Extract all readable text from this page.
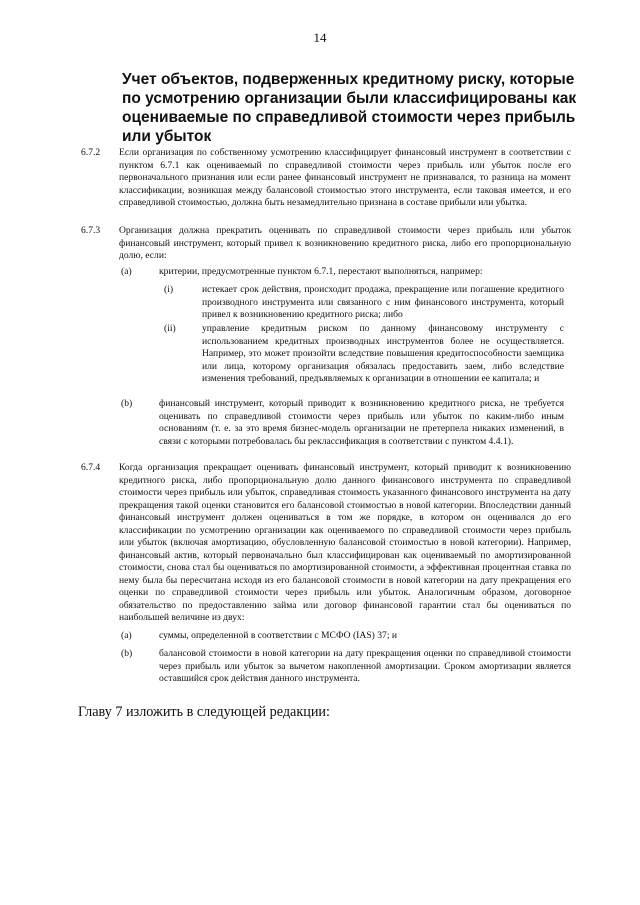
14
Учет объектов, подверженных кредитному риску, которые по усмотрению организации были классифицированы как оцениваемые по справедливой стоимости через прибыль или убыток
6.7.2 Если организация по собственному усмотрению классифицирует финансовый инструмент в соответствии с пунктом 6.7.1 как оцениваемый по справедливой стоимости через прибыль или убыток после его первоначального признания или если ранее финансовый инструмент не признавался, то разница на момент классификации, возникшая между балансовой стоимостью этого инструмента, если таковая имеется, и его справедливой стоимостью, должна быть незамедлительно признана в составе прибыли или убытка.
6.7.3 Организация должна прекратить оценивать по справедливой стоимости через прибыль или убыток финансовый инструмент, который привел к возникновению кредитного риска, либо его пропорциональную долю, если:
(a)	критерии, предусмотренные пунктом 6.7.1, перестают выполняться, например:
(i)	истекает срок действия, происходит продажа, прекращение или погашение кредитного производного инструмента или связанного с ним финансового инструмента, который привел к возникновению кредитного риска; либо
(ii)	управление кредитным риском по данному финансовому инструменту с использованием кредитных производных инструментов более не осуществляется. Например, это может произойти вследствие повышения кредитоспособности заемщика или лица, которому организация обязалась предоставить заем, либо вследствие изменения требований, предъявляемых к организации в отношении ее капитала; и
(b)	финансовый инструмент, который приводит к возникновению кредитного риска, не требуется оценивать по справедливой стоимости через прибыль или убыток по каким-либо иным основаниям (т. е. за это время бизнес-модель организации не претерпела никаких изменений, в связи с которыми потребовалась бы реклассификация в соответствии с пунктом 4.4.1).
6.7.4 Когда организация прекращает оценивать финансовый инструмент, который приводит к возникновению кредитного риска, либо пропорциональную долю данного финансового инструмента по справедливой стоимости через прибыль или убыток, справедливая стоимость указанного финансового инструмента на дату прекращения такой оценки становится его балансовой стоимостью в новой категории. Впоследствии данный финансовый инструмент должен оцениваться в том же порядке, в котором он оценивался до его классификации по усмотрению организации как оцениваемого по справедливой стоимости через прибыль или убыток (включая амортизацию, обусловленную балансовой стоимостью в новой категории). Например, финансовый актив, который первоначально был классифицирован как оцениваемый по амортизированной стоимости, снова стал бы оцениваться по амортизированной стоимости, а эффективная процентная ставка по нему была бы пересчитана исходя из его балансовой стоимости в новой категории на дату прекращения его оценки по справедливой стоимости через прибыль или убыток. Аналогичным образом, договорное обязательство по предоставлению займа или договор финансовой гарантии стал бы оцениваться по наибольшей величине из двух:
(a)	суммы, определенной в соответствии с МСФО (IAS) 37; и
(b)	балансовой стоимости в новой категории на дату прекращения оценки по справедливой стоимости через прибыль или убыток за вычетом накопленной амортизации. Сроком амортизации является оставшийся срок действия данного инструмента.
Главу 7 изложить в следующей редакции:
